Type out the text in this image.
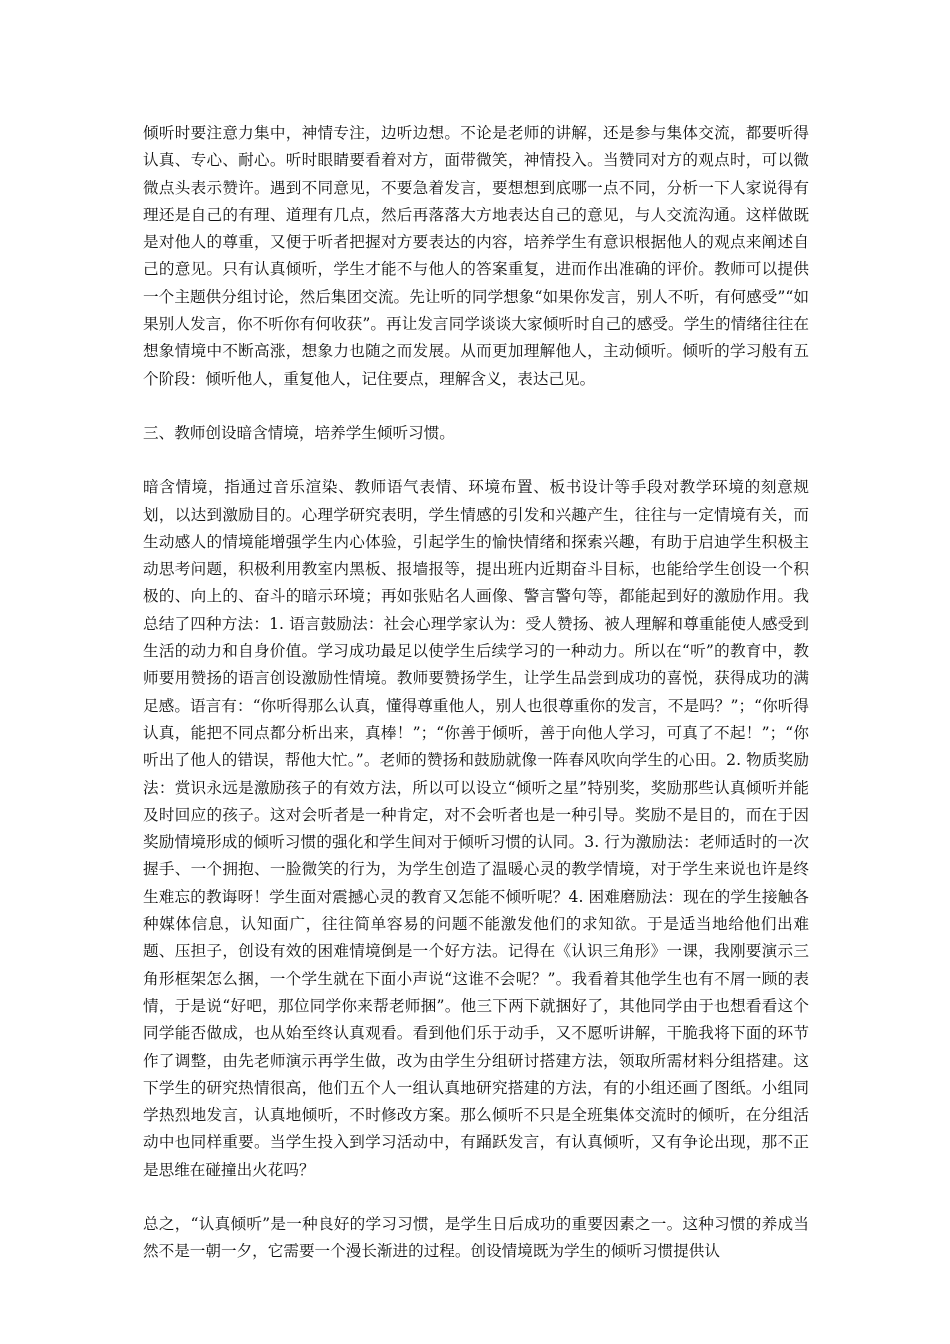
倾听时要注意力集中，神情专注，边听边想。不论是老师的讲解，还是参与集体交流，都要听得认真、专心、耐心。听时眼睛要看着对方，面带微笑，神情投入。当赞同对方的观点时，可以微微点头表示赞许。遇到不同意见，不要急着发言，要想想到底哪一点不同，分析一下人家说得有理还是自己的有理、道理有几点，然后再落落大方地表达自己的意见，与人交流沟通。这样做既是对他人的尊重，又便于听者把握对方要表达的内容，培养学生有意识根据他人的观点来阐述自己的意见。只有认真倾听，学生才能不与他人的答案重复，进而作出准确的评价。教师可以提供一个主题供分组讨论，然后集团交流。先让听的同学想象“如果你发言，别人不听，有何感受”“如果别人发言，你不听你有何收获”。再让发言同学谈谈大家倾听时自己的感受。学生的情绪往往在想象情境中不断高涨，想象力也随之而发展。从而更加理解他人，主动倾听。倾听的学习般有五个阶段：倾听他人，重复他人，记住要点，理解含义，表达己见。

三、教师创设暗含情境，培养学生倾听习惯。

暗含情境，指通过音乐渲染、教师语气表情、环境布置、板书设计等手段对教学环境的刻意规划，以达到激励目的。心理学研究表明，学生情感的引发和兴趣产生，往往与一定情境有关，而生动感人的情境能增强学生内心体验，引起学生的愉快情绪和探索兴趣，有助于启迪学生积极主动思考问题，积极利用教室内黑板、报墙报等，提出班内近期奋斗目标，也能给学生创设一个积极的、向上的、奋斗的暗示环境；再如张贴名人画像、警言警句等，都能起到好的激励作用。我总结了四种方法：1. 语言鼓励法：社会心理学家认为：受人赞扬、被人理解和尊重能使人感受到生活的动力和自身价值。学习成功最足以使学生后续学习的一种动力。所以在“听”的教育中，教师要用赞扬的语言创设激励性情境。教师要赞扬学生，让学生品尝到成功的喜悦，获得成功的满足感。语言有：“你听得那么认真，懂得尊重他人，别人也很尊重你的发言，不是吗？”；“你听得认真，能把不同点都分析出来，真棒！”；“你善于倾听，善于向他人学习，可真了不起！”；“你听出了他人的错误，帮他大忙。”。老师的赞扬和鼓励就像一阵春风吹向学生的心田。2. 物质奖励法：赏识永远是激励孩子的有效方法，所以可以设立“倾听之星”特别奖，奖励那些认真倾听并能及时回应的孩子。这对会听者是一种肯定，对不会听者也是一种引导。奖励不是目的，而在于因奖励情境形成的倾听习惯的强化和学生间对于倾听习惯的认同。3. 行为激励法：老师适时的一次握手、一个拥抱、一脸微笑的行为，为学生创造了温暖心灵的教学情境，对于学生来说也许是终生难忘的教诲呀！学生面对震撼心灵的教育又怎能不倾听呢？4. 困难磨励法：现在的学生接触各种媒体信息，认知面广，往往简单容易的问题不能激发他们的求知欲。于是适当地给他们出难题、压担子，创设有效的困难情境倒是一个好方法。记得在《认识三角形》一课，我刚要演示三角形框架怎么捆，一个学生就在下面小声说“这谁不会呢？”。我看着其他学生也有不屑一顾的表情，于是说“好吧，那位同学你来帮老师捆”。他三下两下就捆好了，其他同学由于也想看看这个同学能否做成，也从始至终认真观看。看到他们乐于动手，又不愿听讲解，干脆我将下面的环节作了调整，由先老师演示再学生做，改为由学生分组研讨搭建方法，领取所需材料分组搭建。这下学生的研究热情很高，他们五个人一组认真地研究搭建的方法，有的小组还画了图纸。小组同学热烈地发言，认真地倾听，不时修改方案。那么倾听不只是全班集体交流时的倾听，在分组活动中也同样重要。当学生投入到学习活动中，有踊跃发言，有认真倾听，又有争论出现，那不正是思维在碰撞出火花吗？

总之，“认真倾听”是一种良好的学习习惯，是学生日后成功的重要因素之一。这种习惯的养成当然不是一朝一夕，它需要一个漫长渐进的过程。创设情境既为学生的倾听习惯提供认
